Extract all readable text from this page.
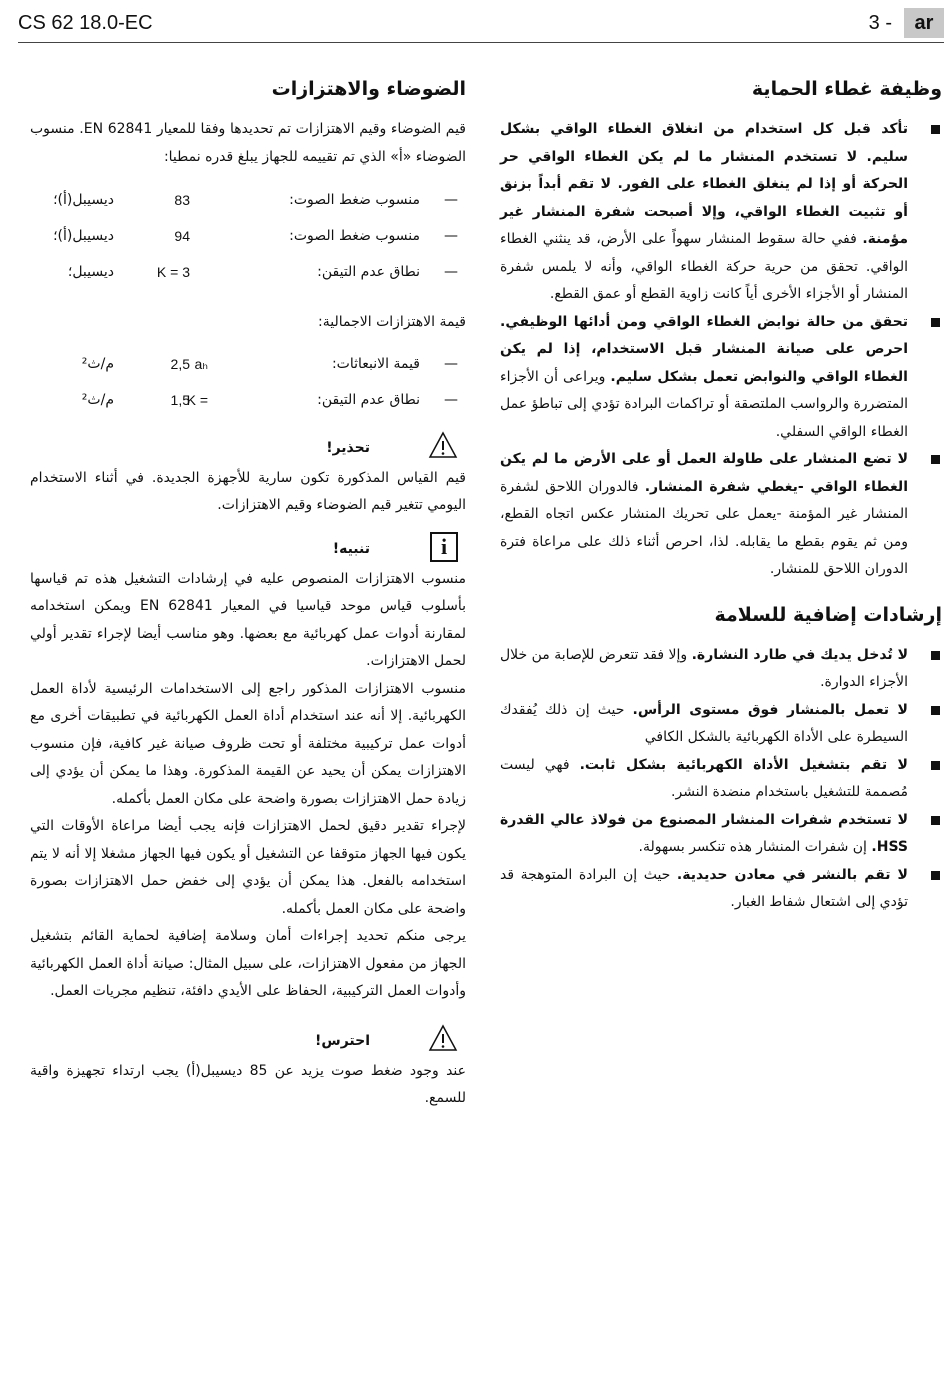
CS 62 18.0-EC	3 -	ar
وظيفة غطاء الحماية
تأكد قبل كل استخدام من انغلاق الغطاء الواقي بشكل سليم. لا تستخدم المنشار ما لم يكن الغطاء الواقي حر الحركة أو إذا لم ينغلق الغطاء على الفور. لا تقم أبداً بزنق أو تثبيت الغطاء الواقي، وإلا أصبحت شفرة المنشار غير مؤمنة. ففي حالة سقوط المنشار سهواً على الأرض، قد ينثني الغطاء الواقي. تحقق من حرية حركة الغطاء الواقي، وأنه لا يلمس شفرة المنشار أو الأجزاء الأخرى أياً كانت زاوية القطع أو عمق القطع.
تحقق من حالة نوابض الغطاء الواقي ومن أدائها الوظيفي. احرص على صيانة المنشار قبل الاستخدام، إذا لم يكن الغطاء الواقي والنوابض تعمل بشكل سليم. ويراعى أن الأجزاء المتضررة والرواسب الملتصقة أو تراكمات البرادة تؤدي إلى تباطؤ عمل الغطاء الواقي السفلي.
لا تضع المنشار على طاولة العمل أو على الأرض ما لم يكن الغطاء الواقي -يغطي شفرة المنشار. فالدوران اللاحق لشفرة المنشار غير المؤمنة -يعمل على تحريك المنشار عكس اتجاه القطع، ومن ثم يقوم بقطع ما يقابله. لذا، احرص أثناء ذلك على مراعاة فترة الدوران اللاحق للمنشار.
إرشادات إضافية للسلامة
لا تُدخل يديك في طارد النشارة. وإلا فقد تتعرض للإصابة من خلال الأجزاء الدوارة.
لا تعمل بالمنشار فوق مستوى الرأس. حيث إن ذلك يُفقدك السيطرة على الأداة الكهربائية بالشكل الكافي
لا تقم بتشغيل الأداة الكهربائية بشكل ثابت. فهي ليست مُصممة للتشغيل باستخدام منضدة النشر.
لا تستخدم شفرات المنشار المصنوع من فولاذ عالي القدرة HSS. إن شفرات المنشار هذه تنكسر بسهولة.
لا تقم بالنشر في معادن حديدية. حيث إن البرادة المتوهجة قد تؤدي إلى اشتعال شفاط الغبار.
الضوضاء والاهتزازات

قيم الضوضاء وقيم الاهتزازات تم تحديدها وفقا للمعيار EN 62841. منسوب الضوضاء «أ» الذي تم تقييمه للجهاز يبلغ قدره نمطيا:

—
منسوب ضغط الصوت:
83
ديسيبل(أ)؛
—
منسوب ضغط الصوت:
94
ديسيبل(أ)؛
—
نطاق عدم التيقن:
K = 3
ديسيبل؛

قيمة الاهتزازات الاجمالية:

—
قيمة الانبعاثات:
aₕ
2,5
م/ث²
—
نطاق عدم التيقن:
K =
1,5
م/ث²
تحذير!

قيم القياس المذكورة تكون سارية للأجهزة الجديدة. في أثناء الاستخدام اليومي تتغير قيم الضوضاء وقيم الاهتزازات.

i
تنبيه!

منسوب الاهتزازات المنصوص عليه في إرشادات التشغيل هذه تم قياسها بأسلوب قياس موحد قياسيا في المعيار EN 62841 ويمكن استخدامه لمقارنة أدوات عمل كهربائية مع بعضها. وهو مناسب أيضا لإجراء تقدير أولي لحمل الاهتزازات.

منسوب الاهتزازات المذكور راجع إلى الاستخدامات الرئيسية لأداة العمل الكهربائية. إلا أنه عند استخدام أداة العمل الكهربائية في تطبيقات أخرى مع أدوات عمل تركيبية مختلفة أو تحت ظروف صيانة غير كافية، فإن منسوب الاهتزازات يمكن أن يحيد عن القيمة المذكورة. وهذا ما يمكن أن يؤدي إلى زيادة حمل الاهتزازات بصورة واضحة على مكان العمل بأكمله.

لإجراء تقدير دقيق لحمل الاهتزازات فإنه يجب أيضا مراعاة الأوقات التي يكون فيها الجهاز متوقفا عن التشغيل أو يكون فيها الجهاز مشغلا إلا أنه لا يتم استخدامه بالفعل. هذا يمكن أن يؤدي إلى خفض حمل الاهتزازات بصورة واضحة على مكان العمل بأكمله.

يرجى منكم تحديد إجراءات أمان وسلامة إضافية لحماية القائم بتشغيل الجهاز من مفعول الاهتزازات، على سبيل المثال: صيانة أداة العمل الكهربائية وأدوات العمل التركيبية، الحفاظ على الأيدي دافئة، تنظيم مجريات العمل.

احترس!

عند وجود ضغط صوت يزيد عن 85 ديسيبل(أ) يجب ارتداء تجهيزة واقية للسمع.
